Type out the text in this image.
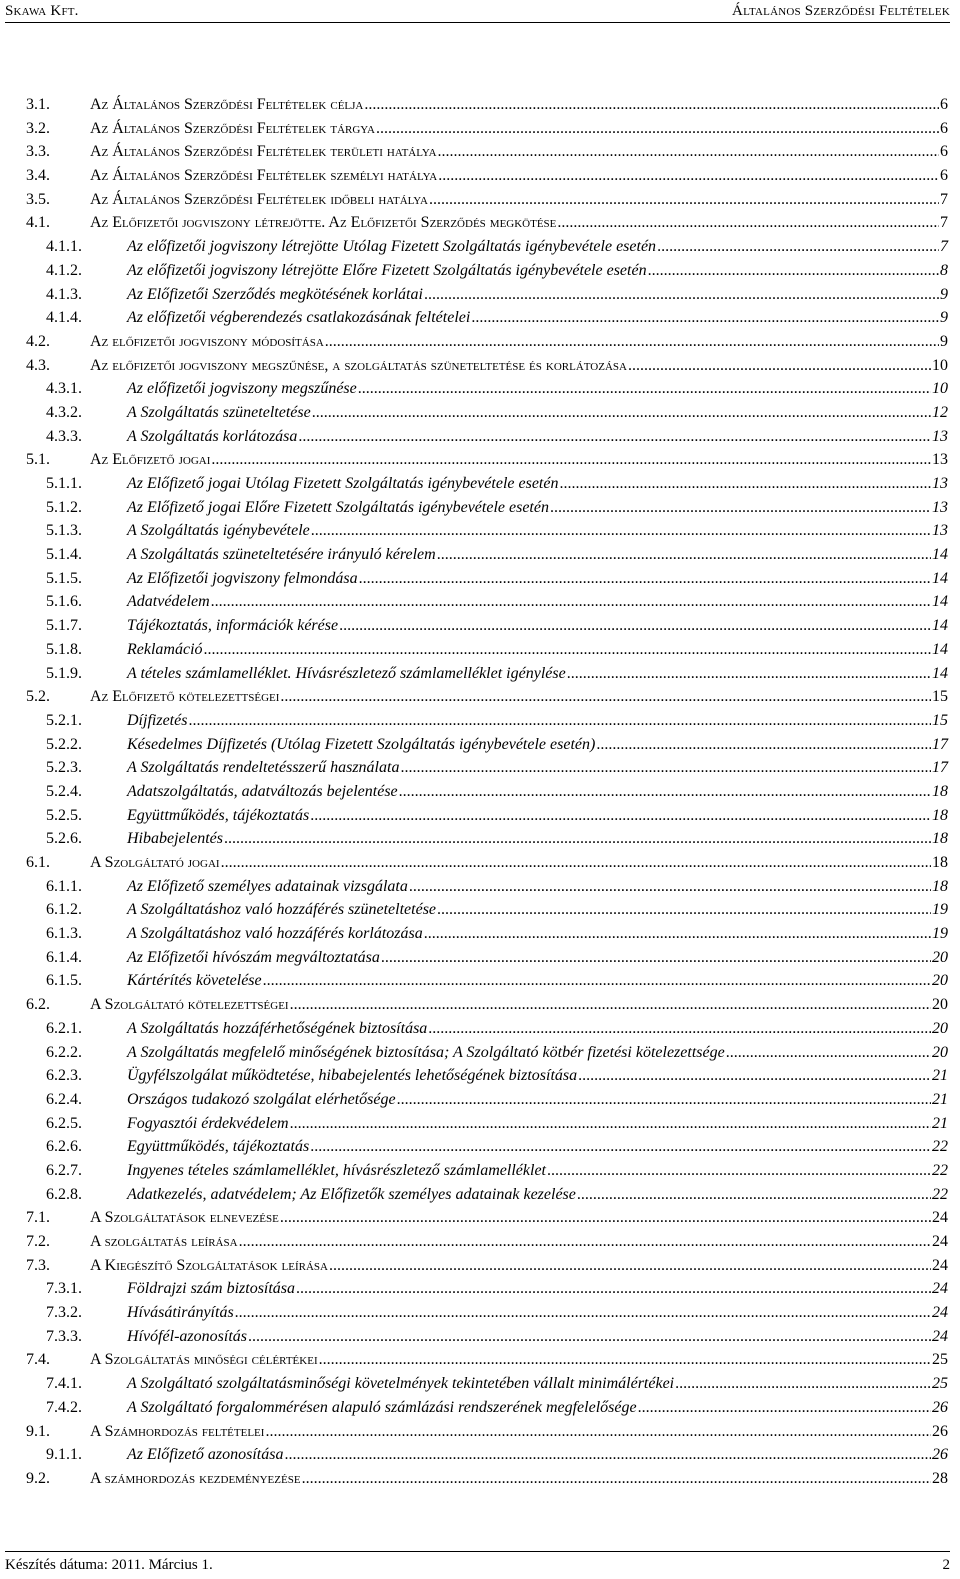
Skawa Kft.	Általános Szerződési Feltételek
3.1.	Az Általános Szerződési Feltételek célja .....	6
3.2.	Az Általános Szerződési Feltételek tárgya .....	6
3.3.	Az Általános Szerződési Feltételek területi hatálya .....	6
3.4.	Az Általános Szerződési Feltételek személyi hatálya .....	6
3.5.	Az Általános Szerződési Feltételek időbeli hatálya .....	7
4.1.	Az Előfizetői jogviszony létrejötte. Az Előfizetői Szerződés megkötése .....	7
4.1.1.	Az előfizetői jogviszony létrejötte Utólag Fizetett Szolgáltatás igénybevétele esetén .....	7
4.1.2.	Az előfizetői jogviszony létrejötte Előre Fizetett Szolgáltatás igénybevétele esetén .....	8
4.1.3.	Az Előfizetői Szerződés megkötésének korlátai .....	9
4.1.4.	Az előfizetői végberendezés csatlakozásának feltételei .....	9
4.2.	Az előfizetői jogviszony módosítása .....	9
4.3.	Az előfizetői jogviszony megszűnése, a szolgáltatás szüneteltetése és korlátozása .....	10
4.3.1.	Az előfizetői jogviszony megszűnése .....	10
4.3.2.	A Szolgáltatás szüneteltetése .....	12
4.3.3.	A Szolgáltatás korlátozása .....	13
5.1.	Az Előfizető jogai .....	13
5.1.1.	Az Előfizető jogai Utólag Fizetett Szolgáltatás igénybevétele esetén .....	13
5.1.2.	Az Előfizető jogai Előre Fizetett Szolgáltatás igénybevétele esetén .....	13
5.1.3.	A Szolgáltatás igénybevétele .....	13
5.1.4.	A Szolgáltatás szüneteltetésére irányuló kérelem .....	14
5.1.5.	Az Előfizetői jogviszony felmondása .....	14
5.1.6.	Adatvédelem .....	14
5.1.7.	Tájékoztatás, információk kérése .....	14
5.1.8.	Reklamáció .....	14
5.1.9.	A tételes számlamelléklet. Hívásrészletező számlamelléklet igénylése .....	14
5.2.	Az Előfizető kötelezettségei .....	15
5.2.1.	Díjfizetés .....	15
5.2.2.	Késedelmes Díjfizetés (Utólag Fizetett Szolgáltatás igénybevétele esetén) .....	17
5.2.3.	A Szolgáltatás rendeltetésszerű használata .....	17
5.2.4.	Adatszolgáltatás, adatváltozás bejelentése .....	18
5.2.5.	Együttműködés, tájékoztatás .....	18
5.2.6.	Hibabejelentés .....	18
6.1.	A Szolgáltató jogai .....	18
6.1.1.	Az Előfizető személyes adatainak vizsgálata .....	18
6.1.2.	A Szolgáltatáshoz való hozzáférés szüneteltetése .....	19
6.1.3.	A Szolgáltatáshoz való hozzáférés korlátozása .....	19
6.1.4.	Az Előfizetői hívószám megváltoztatása .....	20
6.1.5.	Kártérítés követelése .....	20
6.2.	A Szolgáltató kötelezettségei .....	20
6.2.1.	A Szolgáltatás hozzáférhetőségének biztosítása .....	20
6.2.2.	A Szolgáltatás megfelelő minőségének biztosítása; A Szolgáltató kötbér fizetési kötelezettsége .....	20
6.2.3.	Ügyfélszolgálat működtetése, hibabejelentés lehetőségének biztosítása .....	21
6.2.4.	Országos tudakozó szolgálat elérhetősége .....	21
6.2.5.	Fogyasztói érdekvédelem .....	21
6.2.6.	Együttműködés, tájékoztatás .....	22
6.2.7.	Ingyenes tételes számlamelléklet, hívásrészletező számlamelléklet .....	22
6.2.8.	Adatkezelés, adatvédelem; Az Előfizetők személyes adatainak kezelése .....	22
7.1.	A Szolgáltatások elnevezése .....	24
7.2.	A szolgáltatás leírása .....	24
7.3.	A Kiegészítő Szolgáltatások leírása .....	24
7.3.1.	Földrajzi szám biztosítása .....	24
7.3.2.	Hívásátirányítás .....	24
7.3.3.	Hívófél-azonosítás .....	24
7.4.	A Szolgáltatás minőségi célértékei .....	25
7.4.1.	A Szolgáltató szolgáltatásminőségi követelmények tekintetében vállalt minimálértékei .....	25
7.4.2.	A Szolgáltató forgalommérésen alapuló számlázási rendszerének megfelelősége .....	26
9.1.	A Számhordozás feltételei .....	26
9.1.1.	Az Előfizető azonosítása .....	26
9.2.	A számhordozás kezdeményezése .....	28
Készítés dátuma: 2011. Március 1.	2
